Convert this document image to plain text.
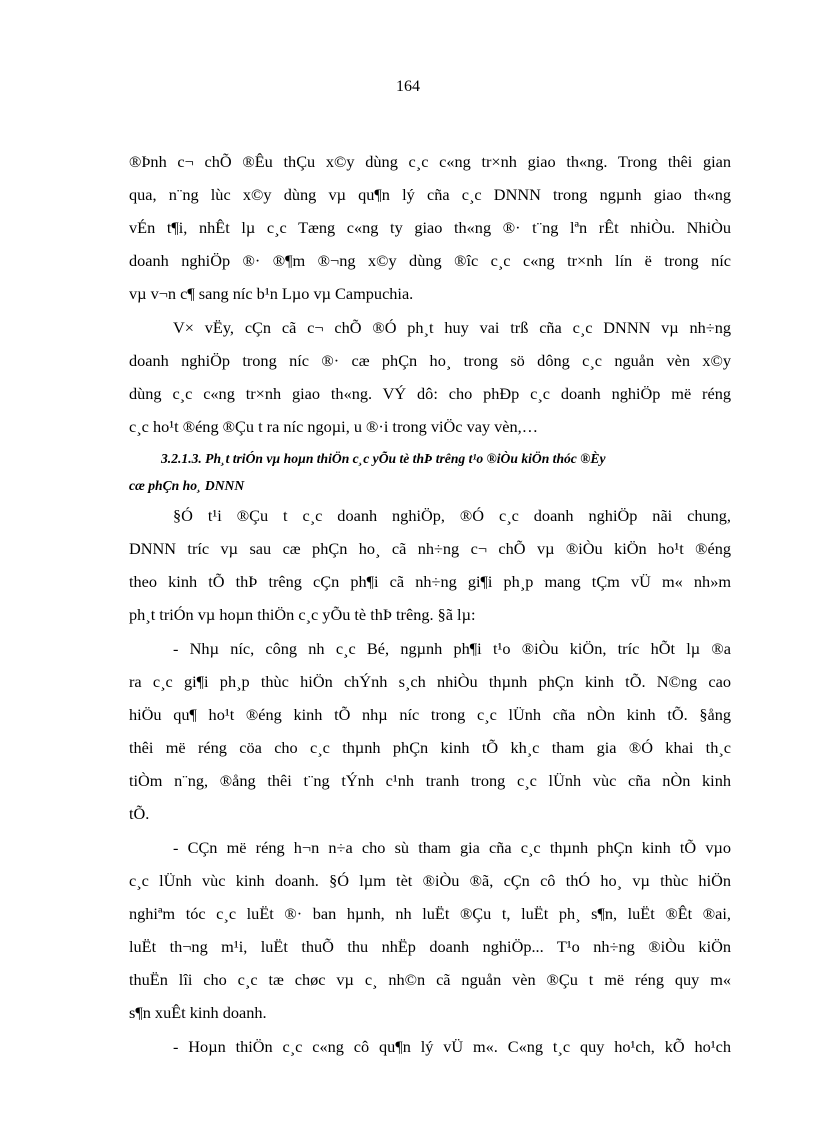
164
®Þnh c¬ chÕ ®Êu thÇu x©y dùng c¸c c«ng tr×nh giao th«ng. Trong thêi gian
qua, n¨ng lùc x©y dùng vµ qu¶n lý cña c¸c DNNN trong ngµnh giao th«ng
vÉn t¶i, nhÊt lµ c¸c Tæng c«ng ty giao th«ng ®· t¨ng lªn rÊt nhiÒu. NhiÒu
doanh nghiÖp ®· ®¶m ®¬ng x©y dùng ®îc c¸c c«ng tr×nh lín ë trong níc
vµ v¬n c¶ sang níc b¹n Lµo vµ Campuchia.
V× vËy, cÇn cã c¬ chÕ ®Ó ph¸t huy vai trß cña c¸c DNNN vµ nh÷ng
doanh nghiÖp trong níc ®· cæ phÇn ho¸ trong sö dông c¸c nguån vèn x©y
dùng c¸c c«ng tr×nh giao th«ng. VÝ dô: cho phÐp c¸c doanh nghiÖp më réng
c¸c ho¹t ®éng ®Çu t ra níc ngoµi, u ®·i trong viÖc vay vèn,…
3.2.1.3. Ph¸t triÓn vµ hoµn thiÖn c¸c yÕu tè thÞ trêng t¹o ®iÒu kiÖn thóc ®Èy
cæ phÇn ho¸ DNNN
§Ó t¹i ®Çu t c¸c doanh nghiÖp, ®Ó c¸c doanh nghiÖp nãi chung,
DNNN tríc vµ sau cæ phÇn ho¸ cã nh÷ng c¬ chÕ vµ ®iÒu kiÖn ho¹t ®éng
theo kinh tÕ thÞ trêng cÇn ph¶i cã nh÷ng gi¶i ph¸p mang tÇm vÜ m« nh»m
ph¸t triÓn vµ hoµn thiÖn c¸c yÕu tè thÞ trêng. §ã lµ:
- Nhµ níc, công nh c¸c Bé, ngµnh ph¶i t¹o ®iÒu kiÖn, tríc hÕt lµ ®a
ra c¸c gi¶i ph¸p thùc hiÖn chÝnh s¸ch nhiÒu thµnh phÇn kinh tÕ. N©ng cao
hiÖu qu¶ ho¹t ®éng kinh tÕ nhµ níc trong c¸c lÜnh cña nÒn kinh tÕ. §ång
thêi më réng cöa cho c¸c thµnh phÇn kinh tÕ kh¸c tham gia ®Ó khai th¸c
tiÒm n¨ng, ®ång thêi t¨ng tÝnh c¹nh tranh trong c¸c lÜnh vùc cña nÒn kinh
tÕ.
- CÇn më réng h¬n n÷a cho sù tham gia cña c¸c thµnh phÇn kinh tÕ vµo
c¸c lÜnh vùc kinh doanh. §Ó lµm tèt ®iÒu ®ã, cÇn cô thÓ ho¸ vµ thùc hiÖn
nghiªm tóc c¸c luËt ®· ban hµnh, nh luËt ®Çu t, luËt ph¸ s¶n, luËt ®Êt ®ai,
luËt th¬ng m¹i, luËt thuÕ thu nhËp doanh nghiÖp... T¹o nh÷ng ®iÒu kiÖn
thuËn lîi cho c¸c tæ chøc vµ c¸ nh©n cã nguån vèn ®Çu t më réng quy m«
s¶n xuÊt kinh doanh.
- Hoµn thiÖn c¸c c«ng cô qu¶n lý vÜ m«. C«ng t¸c quy ho¹ch, kÕ ho¹ch
